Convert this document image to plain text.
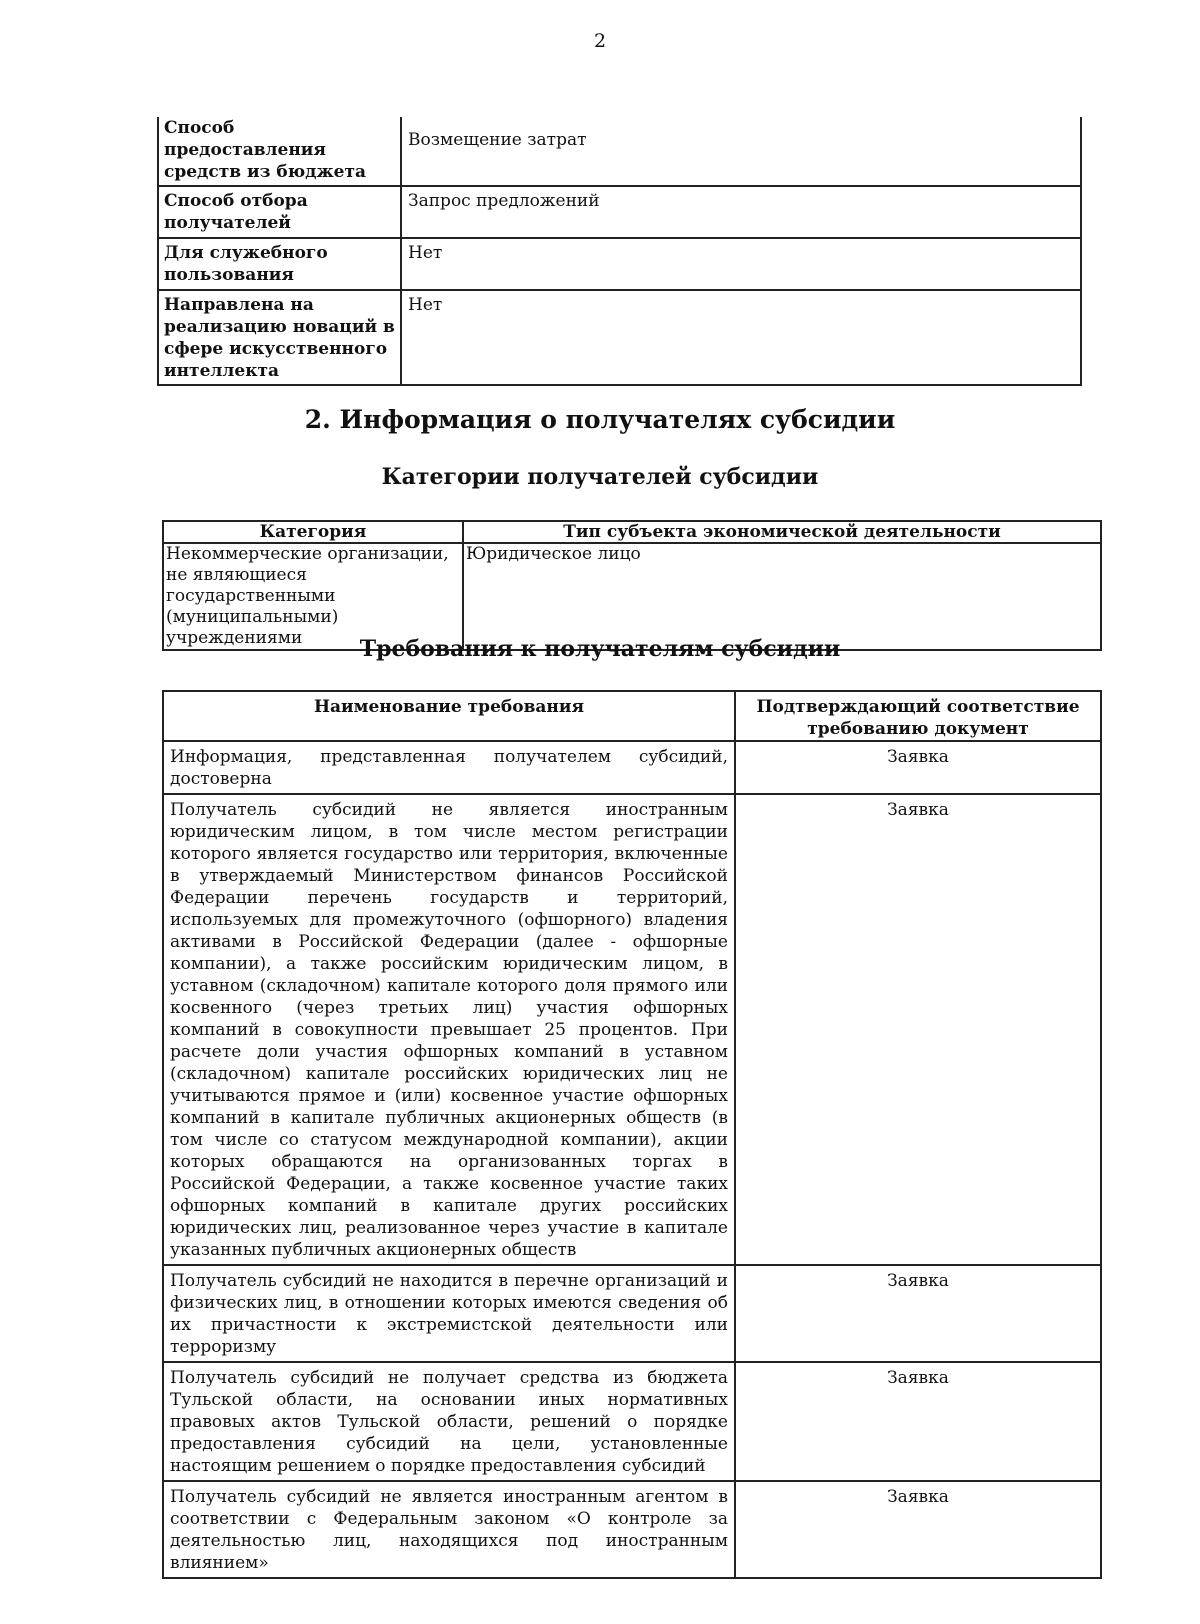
2
Способ предоставления средств из бюджета	Возмещение затрат
Способ отбора получателей	Запрос предложений
Для служебного пользования	Нет
Направлена на реализацию новаций в сфере искусственного интеллекта	Нет
2. Информация о получателях субсидии
Категории получателей субсидии
Категория	Тип субъекта экономической деятельности
Некоммерческие организации, не являющиеся государственными (муниципальными) учреждениями	Юридическое лицо
Требования к получателям субсидии
Наименование требования	Подтверждающий соответствие требованию документ
Информация, представленная получателем субсидий, достоверна	Заявка
Получатель субсидий не является иностранным юридическим лицом, в том числе местом регистрации которого является государство или территория, включенные в утверждаемый Министерством финансов Российской Федерации перечень государств и территорий, используемых для промежуточного (офшорного) владения активами в Российской Федерации (далее - офшорные компании), а также российским юридическим лицом, в уставном (складочном) капитале которого доля прямого или косвенного (через третьих лиц) участия офшорных компаний в совокупности превышает 25 процентов. При расчете доли участия офшорных компаний в уставном (складочном) капитале российских юридических лиц не учитываются прямое и (или) косвенное участие офшорных компаний в капитале публичных акционерных обществ (в том числе со статусом международной компании), акции которых обращаются на организованных торгах в Российской Федерации, а также косвенное участие таких офшорных компаний в капитале других российских юридических лиц, реализованное через участие в капитале указанных публичных акционерных обществ	Заявка
Получатель субсидий не находится в перечне организаций и физических лиц, в отношении которых имеются сведения об их причастности к экстремистской деятельности или терроризму	Заявка
Получатель субсидий не получает средства из бюджета Тульской области, на основании иных нормативных правовых актов Тульской области, решений о порядке предоставления субсидий на цели, установленные настоящим решением о порядке предоставления субсидий	Заявка
Получатель субсидий не является иностранным агентом в соответствии с Федеральным законом «О контроле за деятельностью лиц, находящихся под иностранным влиянием»	Заявка
